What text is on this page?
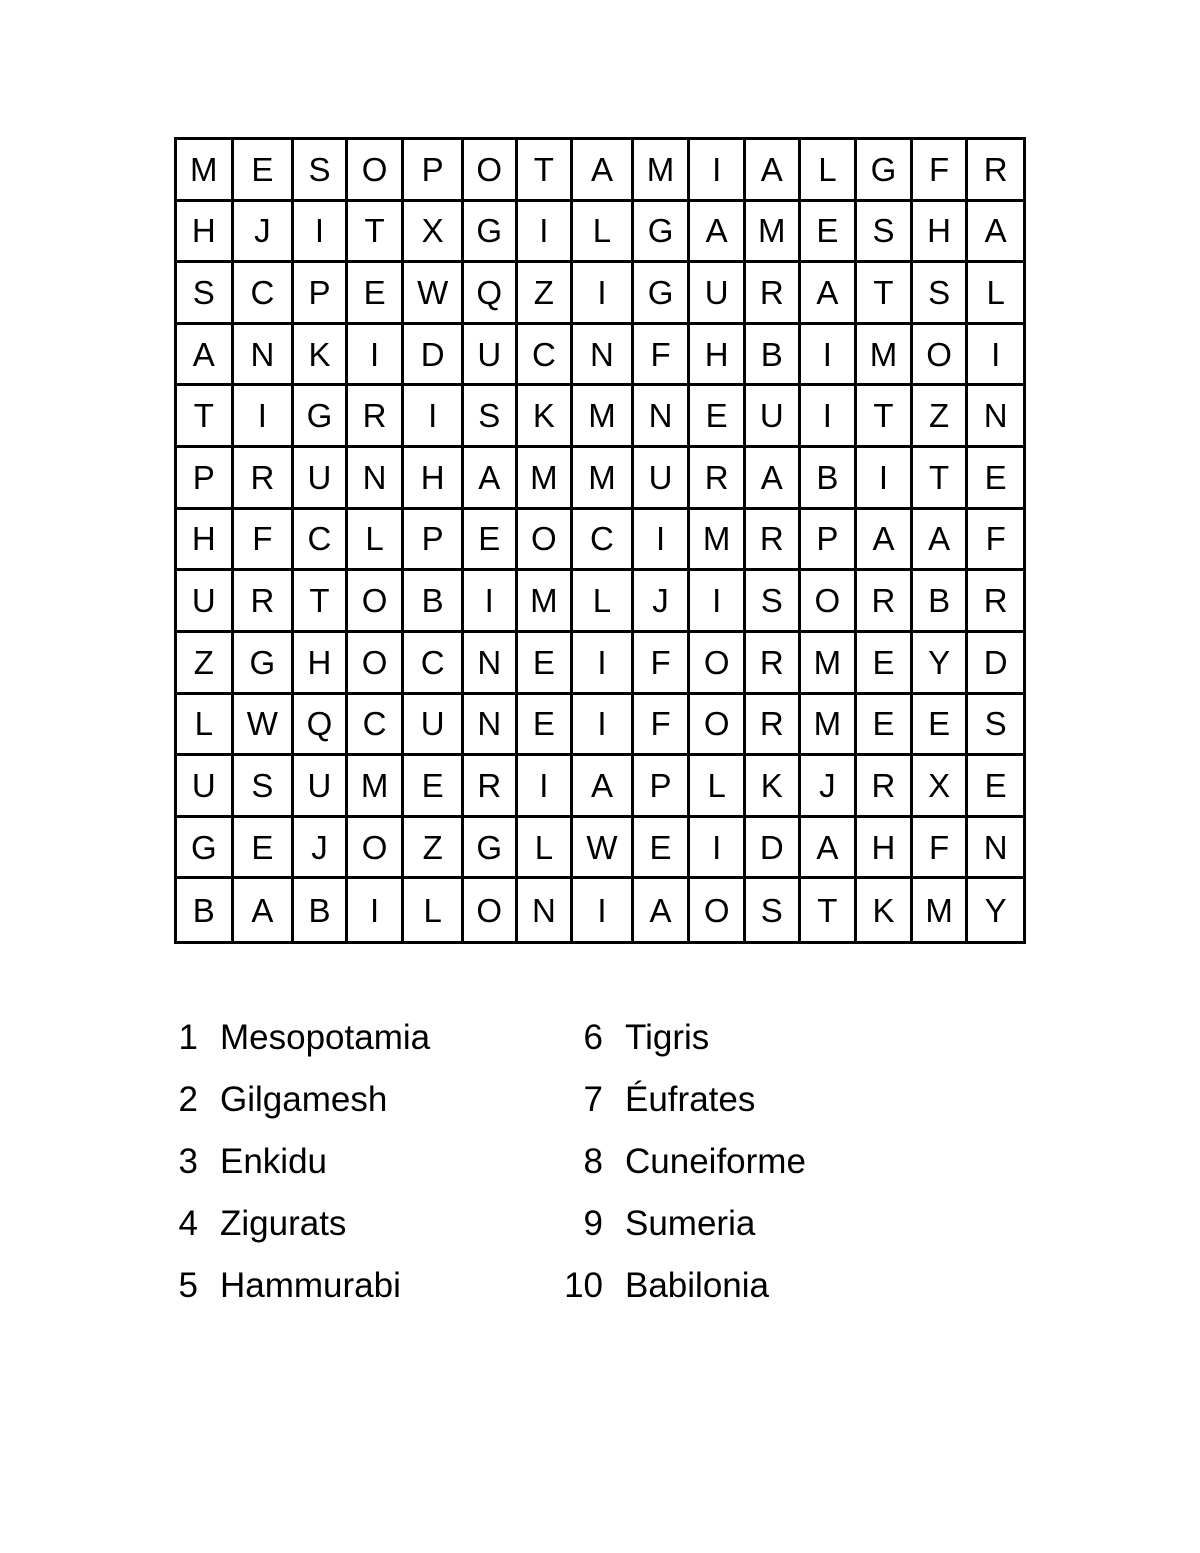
M	E	S O	P O T	A	M	I	A	L	G F	R
H	J	I	T	X G	I	L	G A M E	S H	A
S	C	P	E W Q Z	I	G U R A	T	S	L
A	N	K	I	D U C	N	F	H B	I	M O	I
T	I	G R	I	S K	M N	E U	I	T	Z	N
P	R	U N	H	A M M U R A	B	I	T	E
H	F	C	L	P	E O	C	I	M R P	A	A	F
U	R	T O	B	I	M	L	J	I	S O R B	R
Z	G H O	C N E	I	F	O R M E	Y	D
L	W Q C	U N E	I	F	O R M E	E	S
U	S	U M	E	R	I	A	P	L	K	J	R X	E
G	E	J	O	Z	G L	W E	I	D A	H	F	N
B	A	B	I	L	O N	I	A O S	T	K M Y
1 Mesopotamia
2 Gilgamesh
3 Enkidu
4 Zigurats
5 Hammurabi
6 Tigris
7 Éufrates
8 Cuneiforme
9 Sumeria
10 Babilonia
